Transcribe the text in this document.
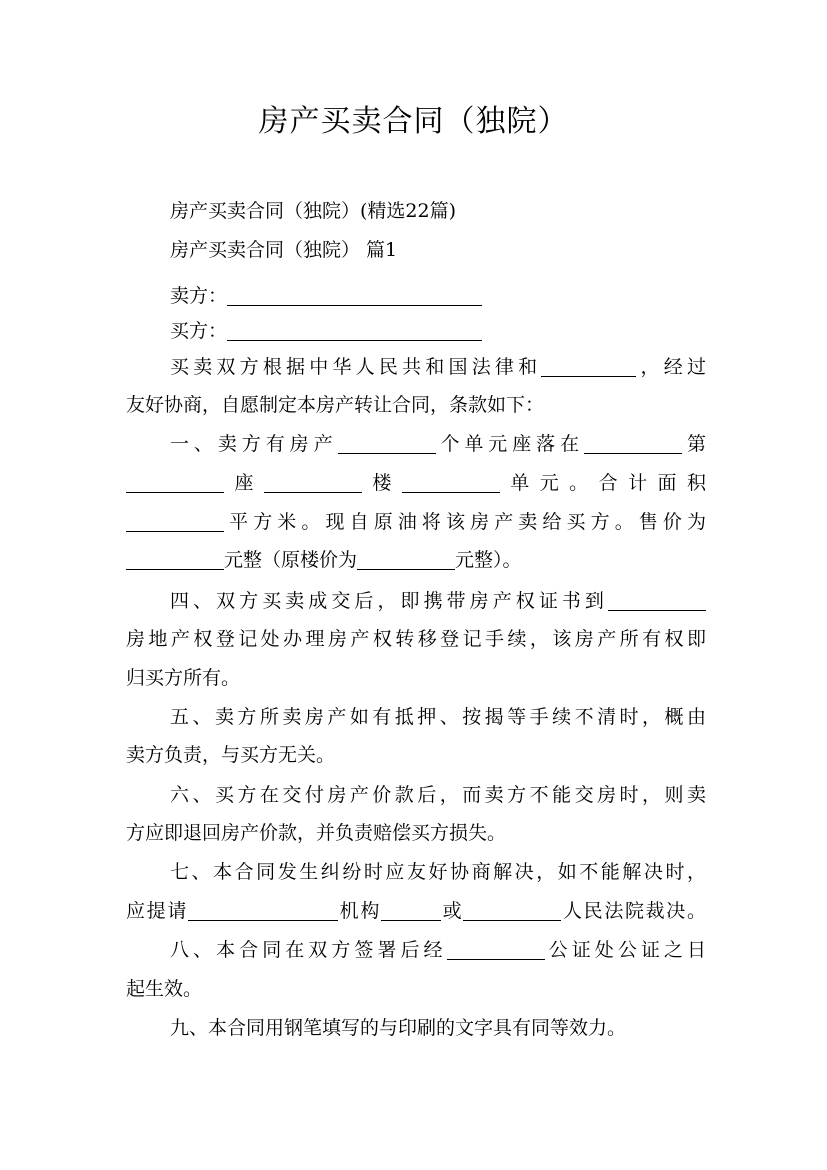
房产买卖合同（独院）
房产买卖合同（独院）(精选22篇)
房产买卖合同（独院） 篇1
卖方：
买方：
买卖双方根据中华人民共和国法律和	，经过
友好协商，自愿制定本房产转让合同，条款如下：
一、卖方有房产	个单元座落在	第
座	楼	单元。合计面积
平方米。现自原油将该房产卖给买方。售价为
元整（原楼价为	元整）。
四、双方买卖成交后，即携带房产权证书到
房地产权登记处办理房产权转移登记手续，该房产所有权即
归买方所有。
五、卖方所卖房产如有抵押、按揭等手续不清时，概由
卖方负责，与买方无关。
六、买方在交付房产价款后，而卖方不能交房时，则卖
方应即退回房产价款，并负责赔偿买方损失。
七、本合同发生纠纷时应友好协商解决，如不能解决时，
应提请	机构	或	人民法院裁决。
八、本合同在双方签署后经	公证处公证之日
起生效。
九、本合同用钢笔填写的与印刷的文字具有同等效力。
